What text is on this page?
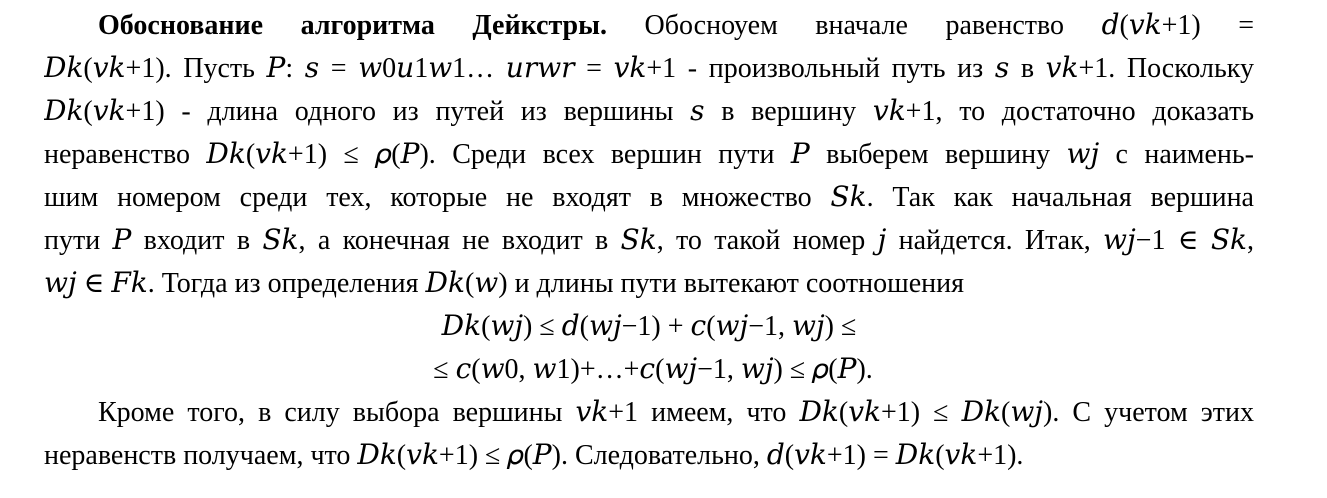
Обоснование алгоритма Дейкстры. Обосноуем вначале равенство 𝑑(𝑣𝑘+1) =
𝐷𝑘(𝑣𝑘+1). Пусть 𝑃: 𝑠 = 𝑤0𝑢1𝑤1… 𝑢𝑟𝑤𝑟 = 𝑣𝑘+1 - произвольный путь из 𝑠 в 𝑣𝑘+1. Поскольку
𝐷𝑘(𝑣𝑘+1) - длина одного из путей из вершины 𝑠 в вершину 𝑣𝑘+1, то достаточно доказать
неравенство 𝐷𝑘(𝑣𝑘+1) ≤ 𝜌(𝑃). Среди всех вершин пути 𝑃 выберем вершину 𝑤𝑗 с наимень-
шим номером среди тех, которые не входят в множество 𝑆𝑘. Так как начальная вершина
пути 𝑃 входит в 𝑆𝑘, а конечная не входит в 𝑆𝑘, то такой номер 𝑗 найдется. Итак, 𝑤𝑗−1 ∈ 𝑆𝑘,
𝑤𝑗 ∈ 𝐹𝑘. Тогда из определения 𝐷𝑘(𝑤) и длины пути вытекают соотношения
𝐷𝑘(𝑤𝑗) ≤ 𝑑(𝑤𝑗−1) + 𝑐(𝑤𝑗−1, 𝑤𝑗) ≤
≤ 𝑐(𝑤0, 𝑤1)+…+𝑐(𝑤𝑗−1, 𝑤𝑗) ≤ 𝜌(𝑃).
Кроме того, в силу выбора вершины 𝑣𝑘+1 имеем, что 𝐷𝑘(𝑣𝑘+1) ≤ 𝐷𝑘(𝑤𝑗). С учетом этих
неравенств получаем, что 𝐷𝑘(𝑣𝑘+1) ≤ 𝜌(𝑃). Следовательно, 𝑑(𝑣𝑘+1) = 𝐷𝑘(𝑣𝑘+1).
